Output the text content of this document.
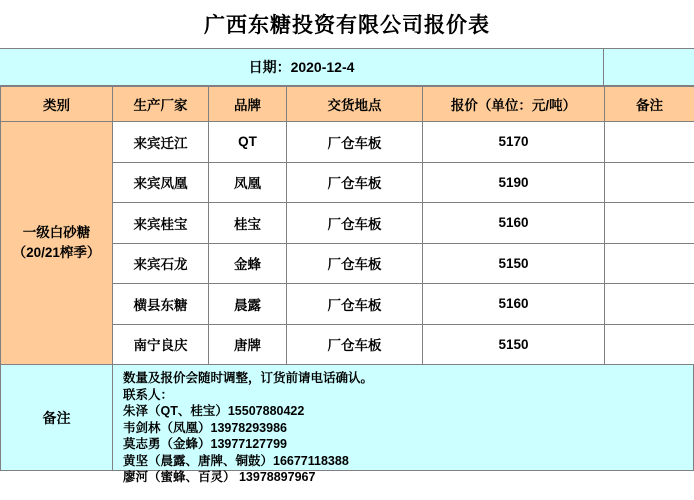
广西东糖投资有限公司报价表
日期：2020-12-4
类别	生产厂家	品牌	交货地点	报价（单位：元/吨）	备注

一级白砂糖
（20/21榨季）	来宾迁江	QT	厂仓车板	5170	
	来宾凤凰	凤凰	厂仓车板	5190	
	来宾桂宝	桂宝	厂仓车板	5160	
	来宾石龙	金蜂	厂仓车板	5150	
	横县东糖	晨露	厂仓车板	5160	
	南宁良庆	唐牌	厂仓车板	5150	
备注
数量及报价会随时调整，订货前请电话确认。
联系人：
朱泽（QT、桂宝）15507880422
韦剑林（凤凰）13978293986
莫志勇（金蜂）13977127799
黄坚（晨露、唐牌、铜鼓）16677118388
廖河（蜜蜂、百灵） 13978897967
